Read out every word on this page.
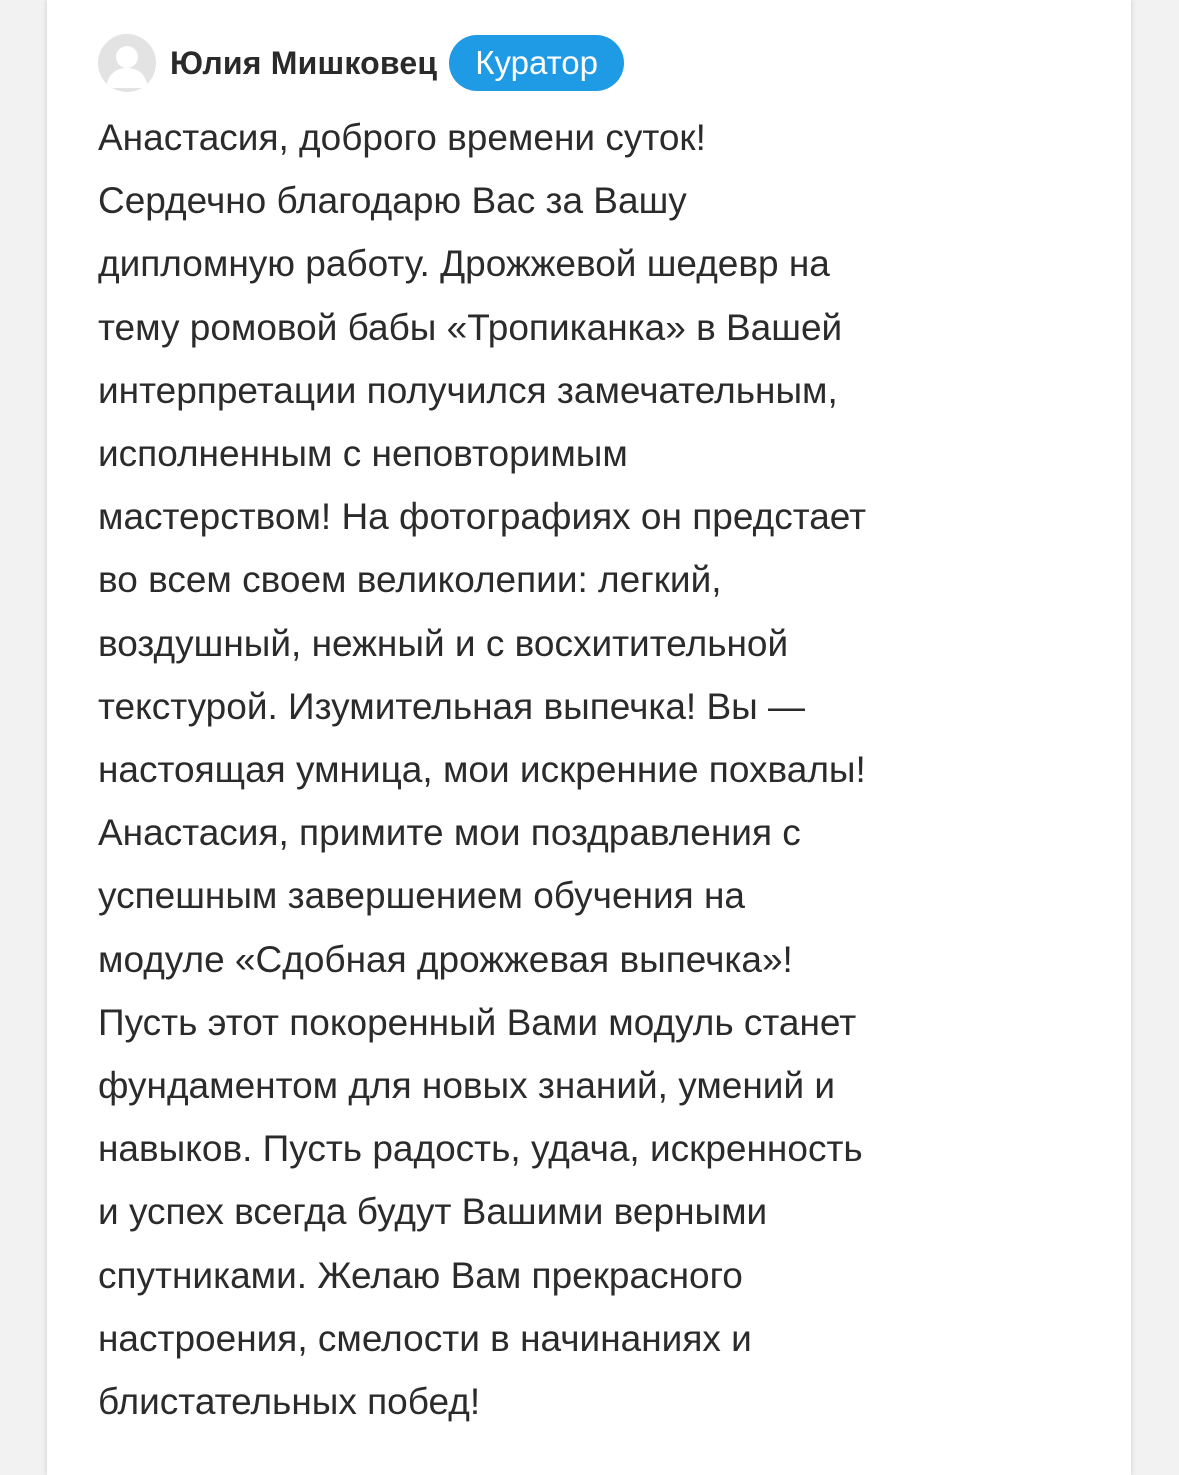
Юлия Мишковец	Куратор

Анастасия, доброго времени суток!
Сердечно благодарю Вас за Вашу
дипломную работу. Дрожжевой шедевр на
тему ромовой бабы «Тропиканка» в Вашей
интерпретации получился замечательным,
исполненным с неповторимым
мастерством! На фотографиях он предстает
во всем своем великолепии: легкий,
воздушный, нежный и с восхитительной
текстурой. Изумительная выпечка! Вы —
настоящая умница, мои искренние похвалы!
Анастасия, примите мои поздравления с
успешным завершением обучения на
модуле «Сдобная дрожжевая выпечка»!
Пусть этот покоренный Вами модуль станет
фундаментом для новых знаний, умений и
навыков. Пусть радость, удача, искренность
и успех всегда будут Вашими верными
спутниками. Желаю Вам прекрасного
настроения, смелости в начинаниях и
блистательных побед!
